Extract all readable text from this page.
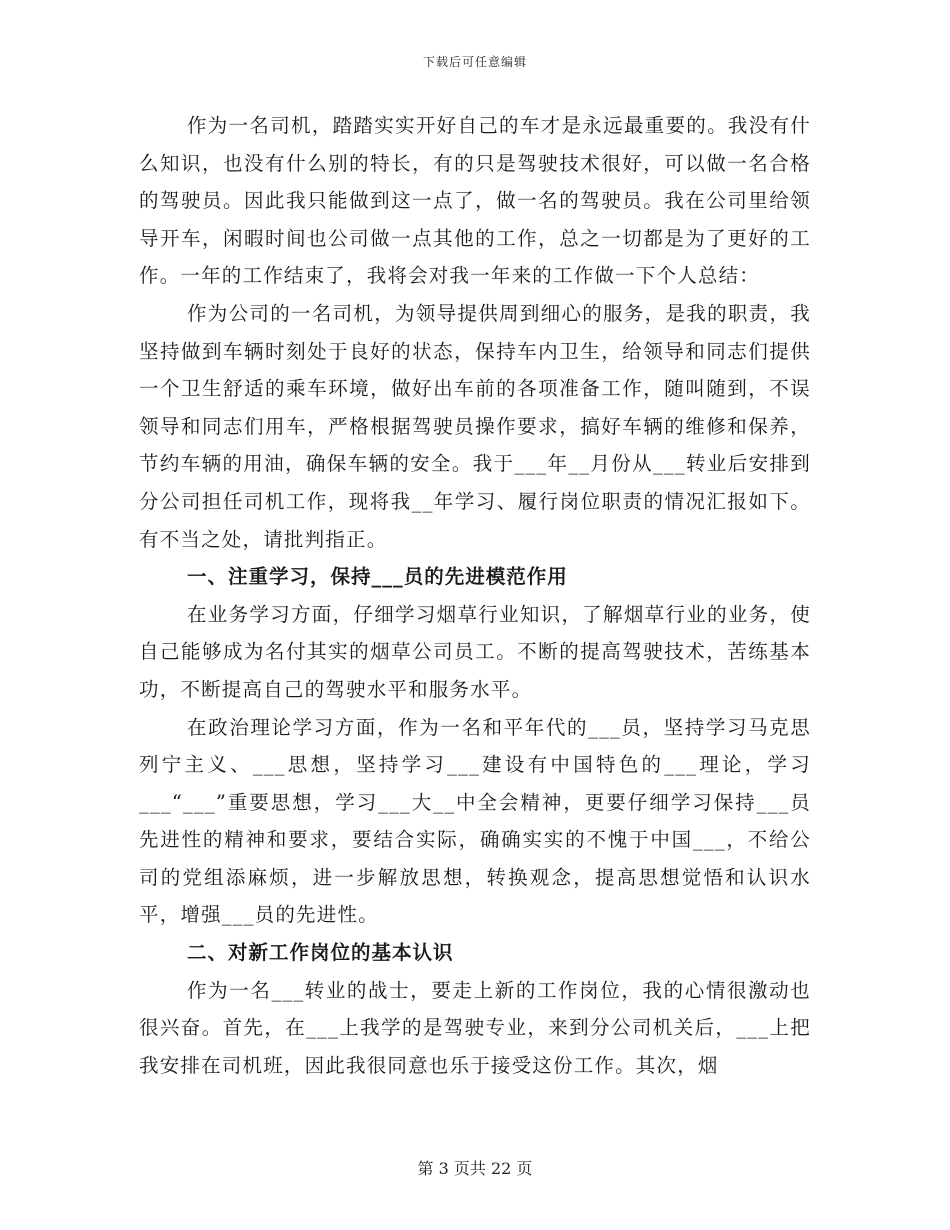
下载后可任意编辑

作为一名司机，踏踏实实开好自己的车才是永远最重要的。我没有什么知识，也没有什么别的特长，有的只是驾驶技术很好，可以做一名合格的驾驶员。因此我只能做到这一点了，做一名的驾驶员。我在公司里给领导开车，闲暇时间也公司做一点其他的工作，总之一切都是为了更好的工作。一年的工作结束了，我将会对我一年来的工作做一下个人总结：

作为公司的一名司机，为领导提供周到细心的服务，是我的职责，我坚持做到车辆时刻处于良好的状态，保持车内卫生，给领导和同志们提供一个卫生舒适的乘车环境，做好出车前的各项准备工作，随叫随到，不误领导和同志们用车，严格根据驾驶员操作要求，搞好车辆的维修和保养，节约车辆的用油，确保车辆的安全。我于___年__月份从___转业后安排到分公司担任司机工作，现将我__年学习、履行岗位职责的情况汇报如下。有不当之处，请批判指正。

一、注重学习，保持___员的先进模范作用

在业务学习方面，仔细学习烟草行业知识，了解烟草行业的业务，使自己能够成为名付其实的烟草公司员工。不断的提高驾驶技术，苦练基本功，不断提高自己的驾驶水平和服务水平。

在政治理论学习方面，作为一名和平年代的___员，坚持学习马克思列宁主义、___思想，坚持学习___建设有中国特色的___理论，学习___“___”重要思想，学习___大__中全会精神，更要仔细学习保持___员先进性的精神和要求，要结合实际，确确实实的不愧于中国___，不给公司的党组添麻烦，进一步解放思想，转换观念，提高思想觉悟和认识水平，增强___员的先进性。

二、对新工作岗位的基本认识

作为一名___转业的战士，要走上新的工作岗位，我的心情很激动也很兴奋。首先，在___上我学的是驾驶专业，来到分公司机关后，___上把我安排在司机班，因此我很同意也乐于接受这份工作。其次，烟

第 3 页共 22 页
